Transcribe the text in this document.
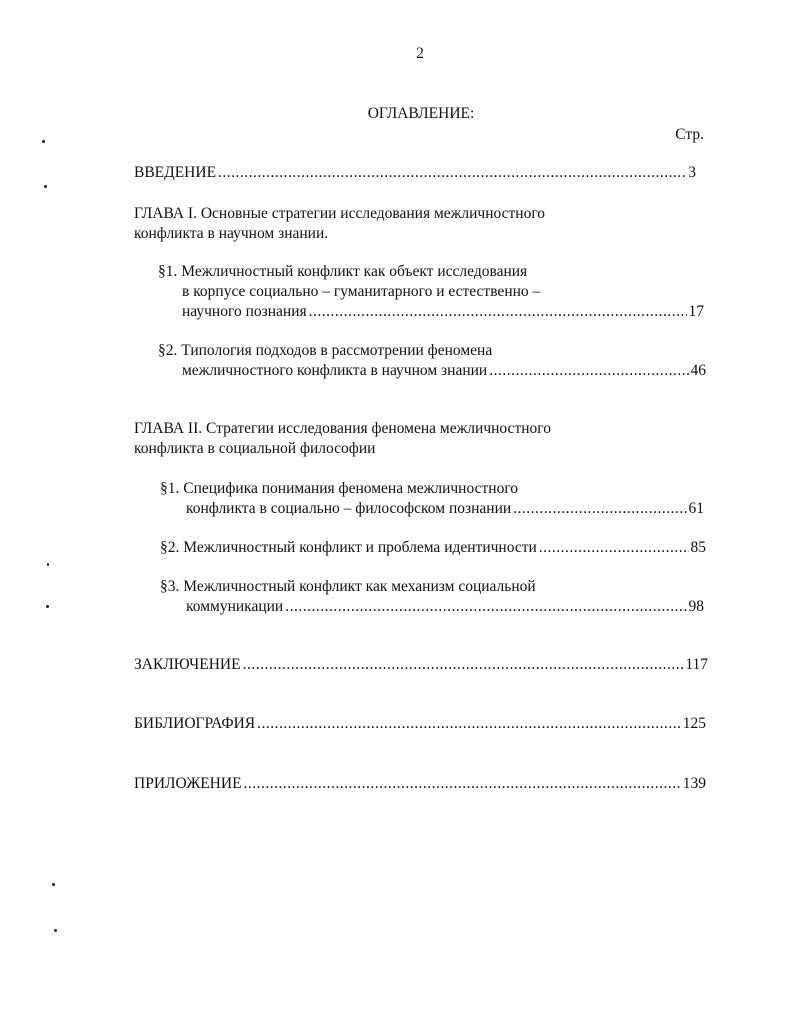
2
ОГЛАВЛЕНИЕ:
Стр.
ВВЕДЕНИЕ .....	3
ГЛАВА I. Основные стратегии исследования межличностного
конфликта в научном знании.
§1. Межличностный конфликт как объект исследования
в корпусе социально – гуманитарного и естественно –
научного познания .....	17
§2. Типология подходов в рассмотрении феномена
межличностного конфликта в научном знании .....	46
ГЛАВА II. Стратегии исследования феномена межличностного
конфликта в социальной философии
§1. Специфика понимания феномена межличностного
конфликта в социально – философском познании .....	61
§2. Межличностный конфликт и проблема идентичности .....	85
§3. Межличностный конфликт как механизм социальной
коммуникации .....	98
ЗАКЛЮЧЕНИЕ .....	117
БИБЛИОГРАФИЯ .....	125
ПРИЛОЖЕНИЕ .....	139
